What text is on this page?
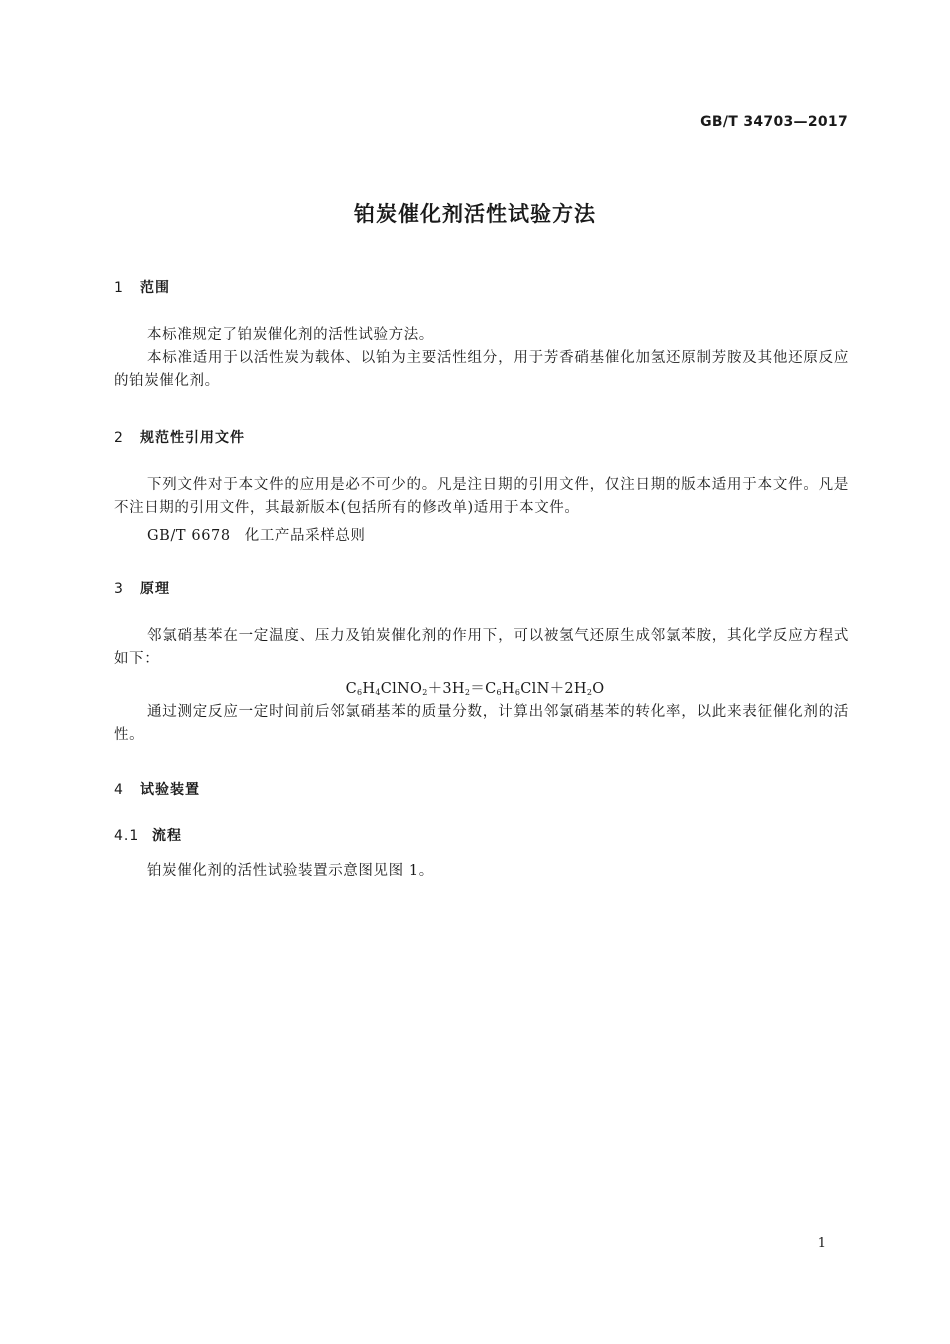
GB/T 34703—2017
铂炭催化剂活性试验方法
1 范围
本标准规定了铂炭催化剂的活性试验方法。
本标准适用于以活性炭为载体、以铂为主要活性组分，用于芳香硝基催化加氢还原制芳胺及其他还原反应的铂炭催化剂。
2 规范性引用文件
下列文件对于本文件的应用是必不可少的。凡是注日期的引用文件，仅注日期的版本适用于本文件。凡是不注日期的引用文件，其最新版本(包括所有的修改单)适用于本文件。
GB/T 6678 化工产品采样总则
3 原理
邻氯硝基苯在一定温度、压力及铂炭催化剂的作用下，可以被氢气还原生成邻氯苯胺，其化学反应方程式如下：
$C_6H_4ClNO_2+3H_2=C_6H_6ClN+2H_2O$
通过测定反应一定时间前后邻氯硝基苯的质量分数，计算出邻氯硝基苯的转化率，以此来表征催化剂的活性。
4 试验装置
4.1 流程
铂炭催化剂的活性试验装置示意图见图 1。
1
